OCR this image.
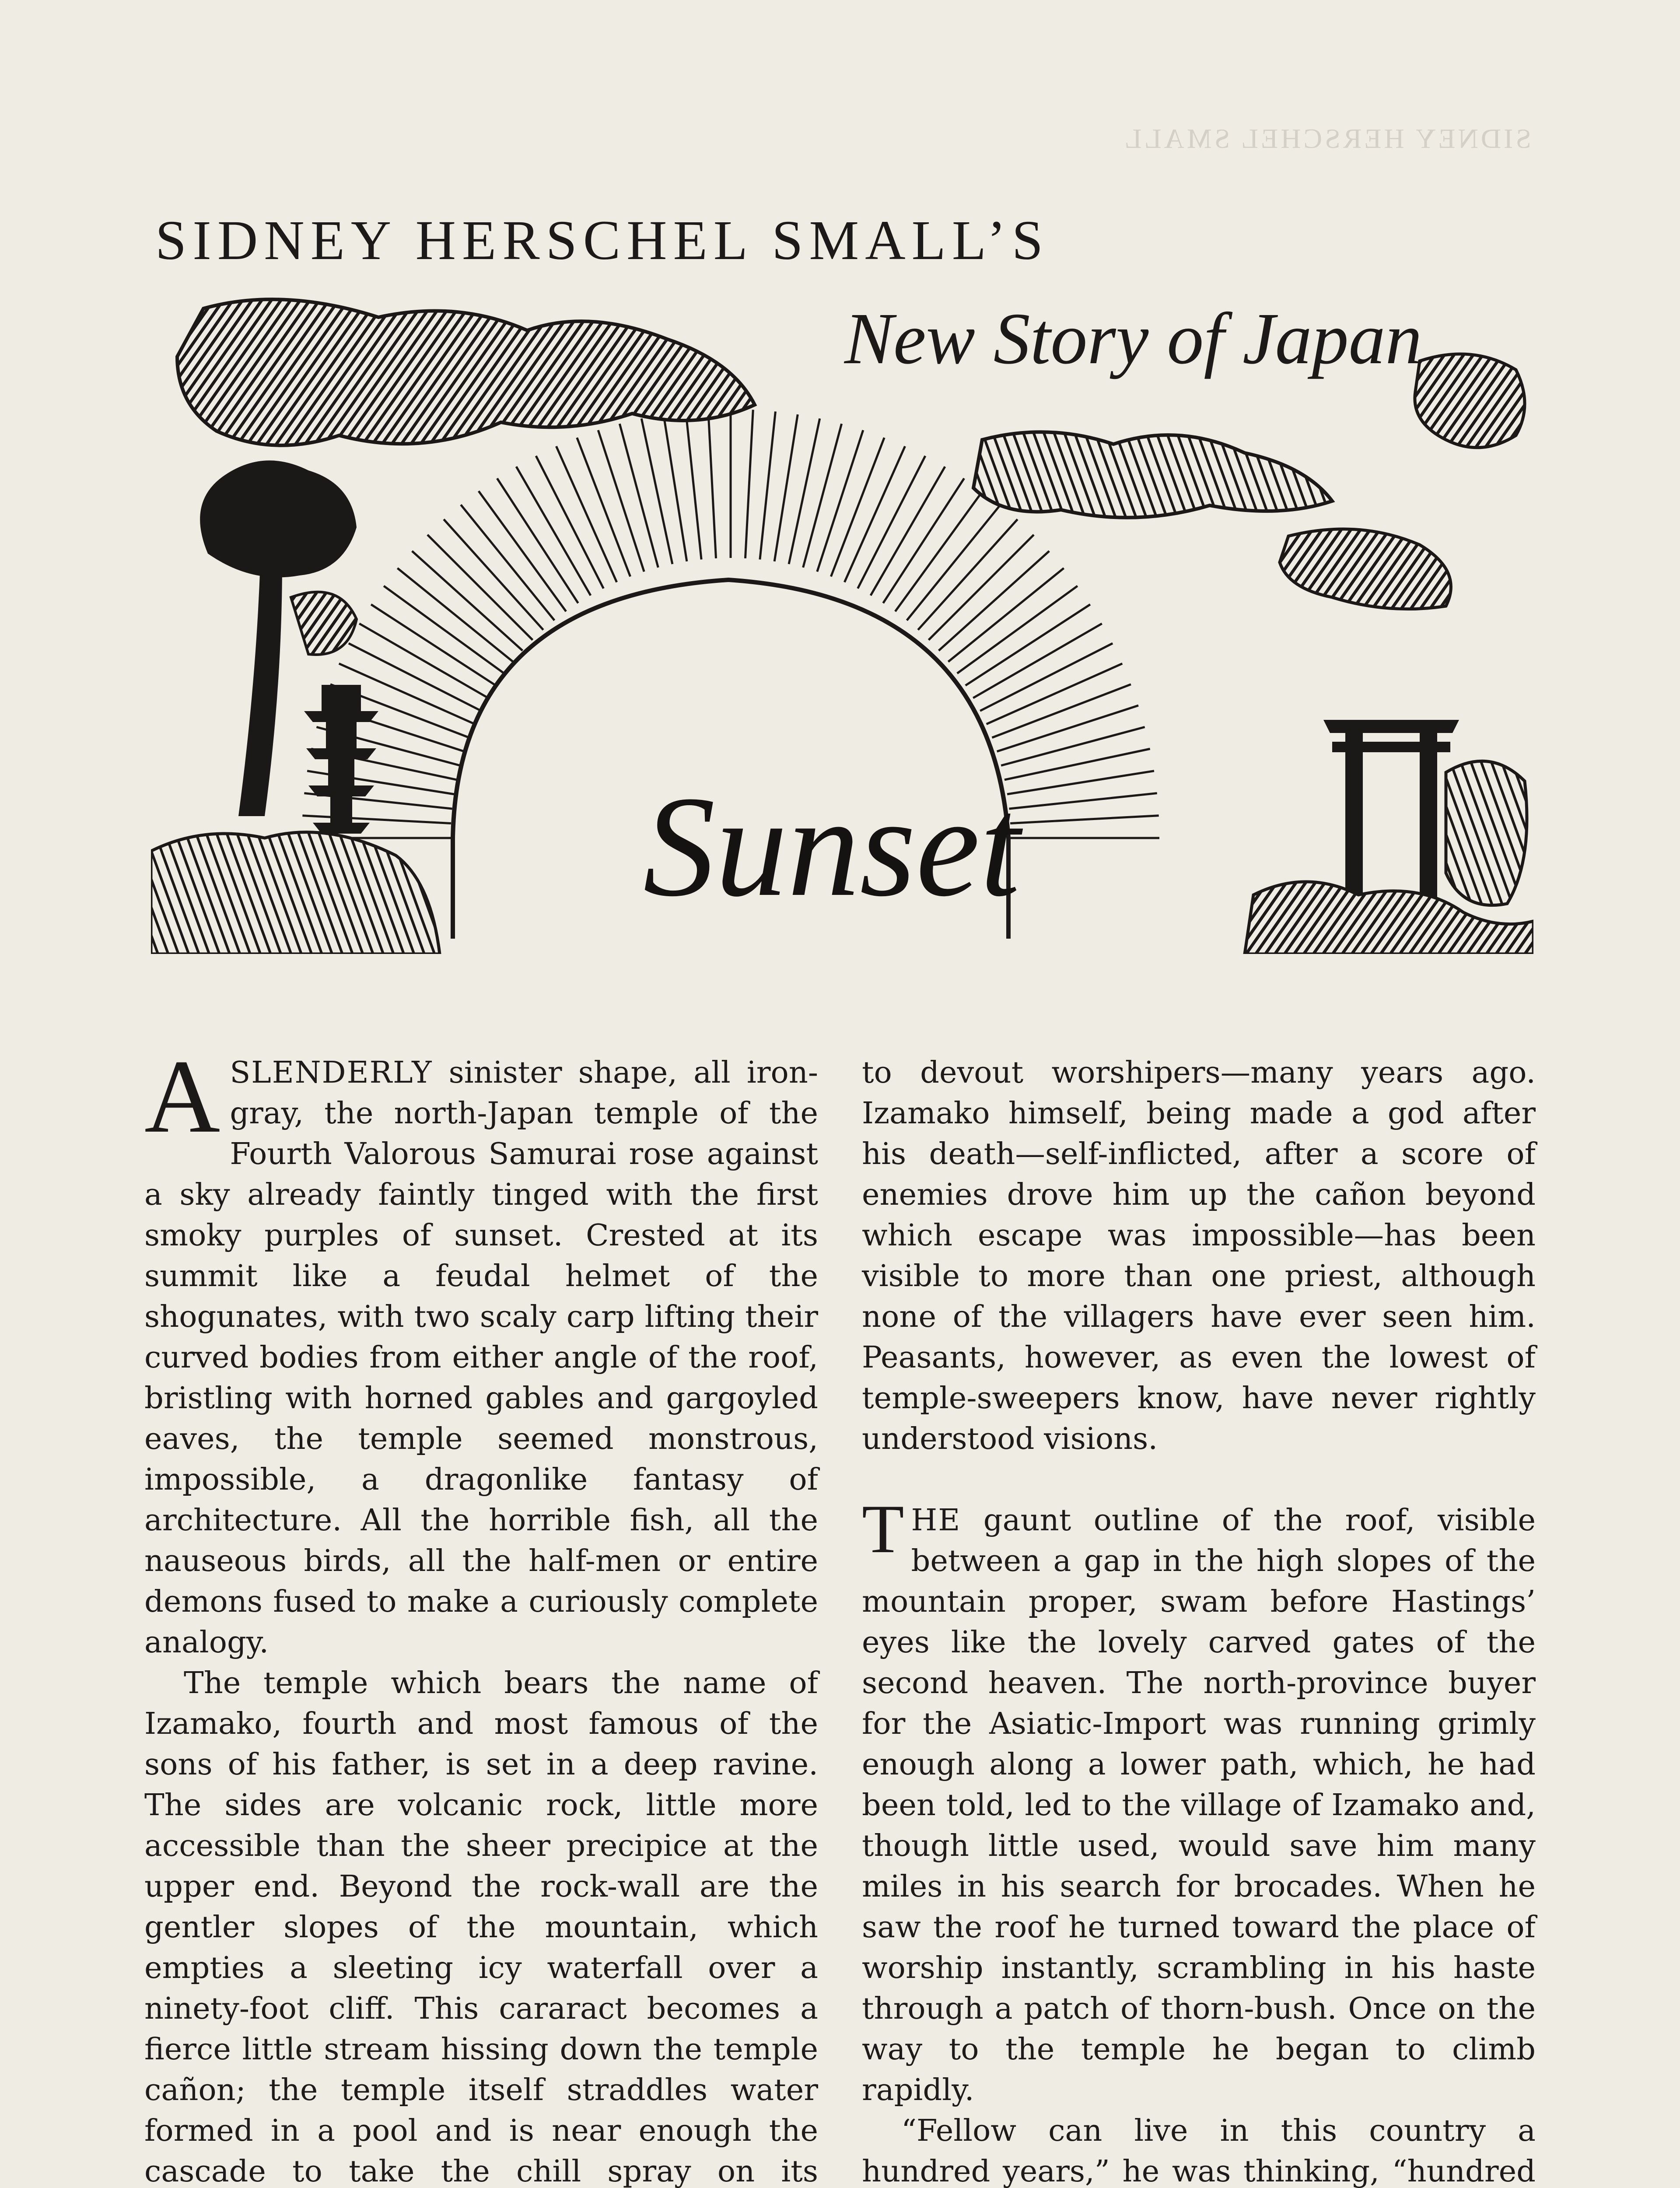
SIDNEY HERSCHEL SMALL
SIDNEY HERSCHEL SMALL’S
New Story of Japan
Sunset

ASLENDERLY sinister shape, all iron-gray, the north-Japan temple of the Fourth Valorous Samurai rose against a sky already faintly tinged with the first smoky purples of sunset. Crested at its summit like a feudal helmet of the shogunates, with two scaly carp lifting their curved bodies from either angle of the roof, bristling with horned gables and gargoyled eaves, the temple seemed monstrous, impossible, a dragonlike fantasy of architecture. All the horrible fish, all the nauseous birds, all the half-men or entire demons fused to make a curiously complete analogy.

The temple which bears the name of Izamako, fourth and most famous of the sons of his father, is set in a deep ravine. The sides are volcanic rock, little more accessible than the sheer precipice at the upper end. Beyond the rock-wall are the gentler slopes of the mountain, which empties a sleeting icy waterfall over a ninety-foot cliff. This cararact becomes a fierce little stream hissing down the temple cañon; the temple itself straddles water formed in a pool and is near enough the cascade to take the chill spray on its

to devout worshipers—many years ago. Izamako himself, being made a god after his death—self-inflicted, after a score of enemies drove him up the cañon beyond which escape was impossible—has been visible to more than one priest, although none of the villagers have ever seen him. Peasants, however, as even the lowest of temple-sweepers know, have never rightly understood visions.

THE gaunt outline of the roof, visible between a gap in the high slopes of the mountain proper, swam before Hastings’ eyes like the lovely carved gates of the second heaven. The north-province buyer for the Asiatic-Import was running grimly enough along a lower path, which, he had been told, led to the village of Izamako and, though little used, would save him many miles in his search for brocades. When he saw the roof he turned toward the place of worship instantly, scrambling in his haste through a patch of thorn-bush. Once on the way to the temple he began to climb rapidly.

“Fellow can live in this country a hundred years,” he was thinking, “hundred
